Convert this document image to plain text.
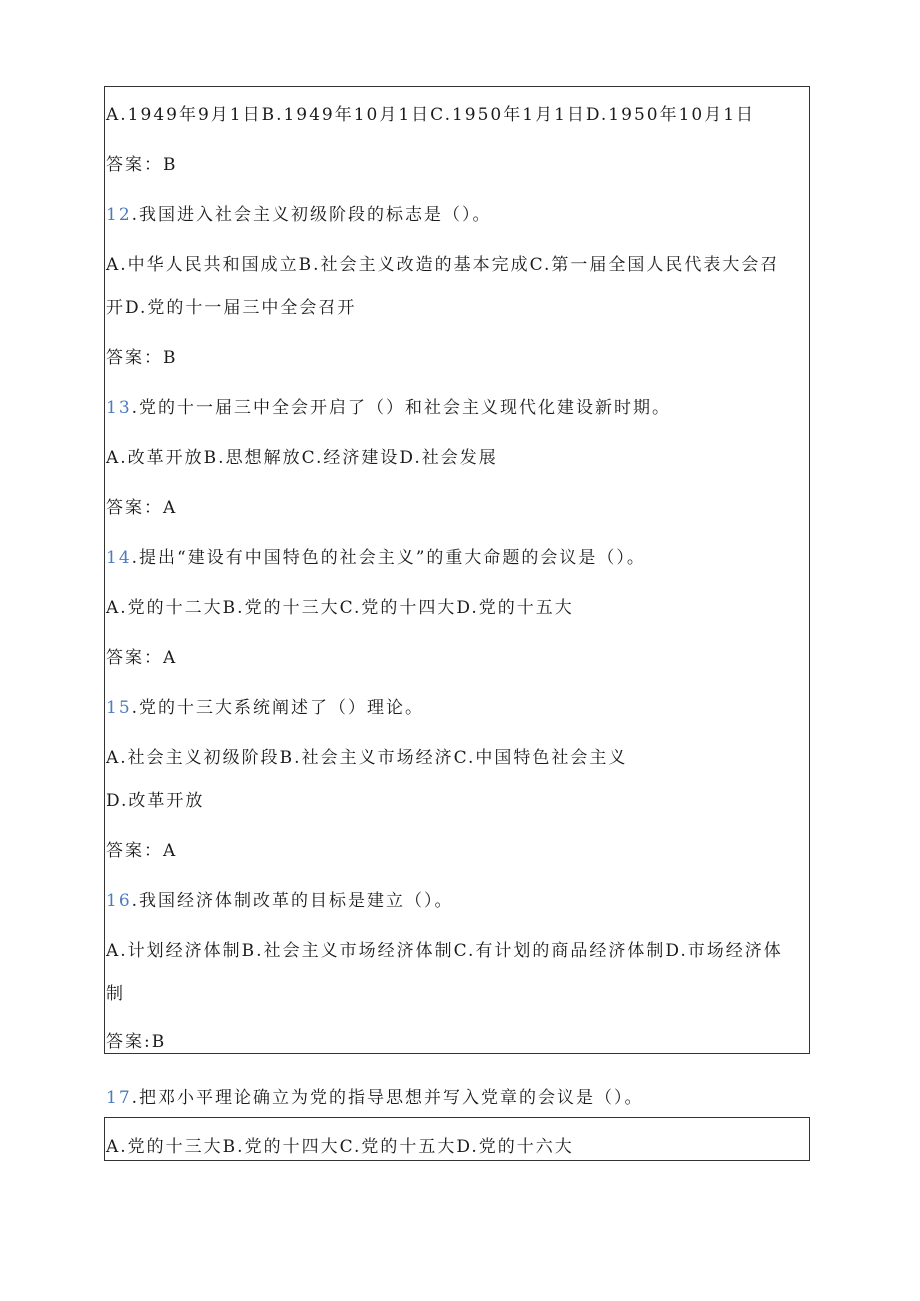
A.1949年9月1日B.1949年10月1日C.1950年1月1日D.1950年10月1日
答案：B
12.我国进入社会主义初级阶段的标志是（）。
A.中华人民共和国成立B.社会主义改造的基本完成C.第一届全国人民代表大会召
开D.党的十一届三中全会召开
答案：B
13.党的十一届三中全会开启了（）和社会主义现代化建设新时期。
A.改革开放B.思想解放C.经济建设D.社会发展
答案：A
14.提出“建设有中国特色的社会主义”的重大命题的会议是（）。
A.党的十二大B.党的十三大C.党的十四大D.党的十五大
答案：A
15.党的十三大系统阐述了（）理论。
A.社会主义初级阶段B.社会主义市场经济C.中国特色社会主义
D.改革开放
答案：A
16.我国经济体制改革的目标是建立（）。
A.计划经济体制B.社会主义市场经济体制C.有计划的商品经济体制D.市场经济体
制
答案:B
17.把邓小平理论确立为党的指导思想并写入党章的会议是（）。
A.党的十三大B.党的十四大C.党的十五大D.党的十六大
